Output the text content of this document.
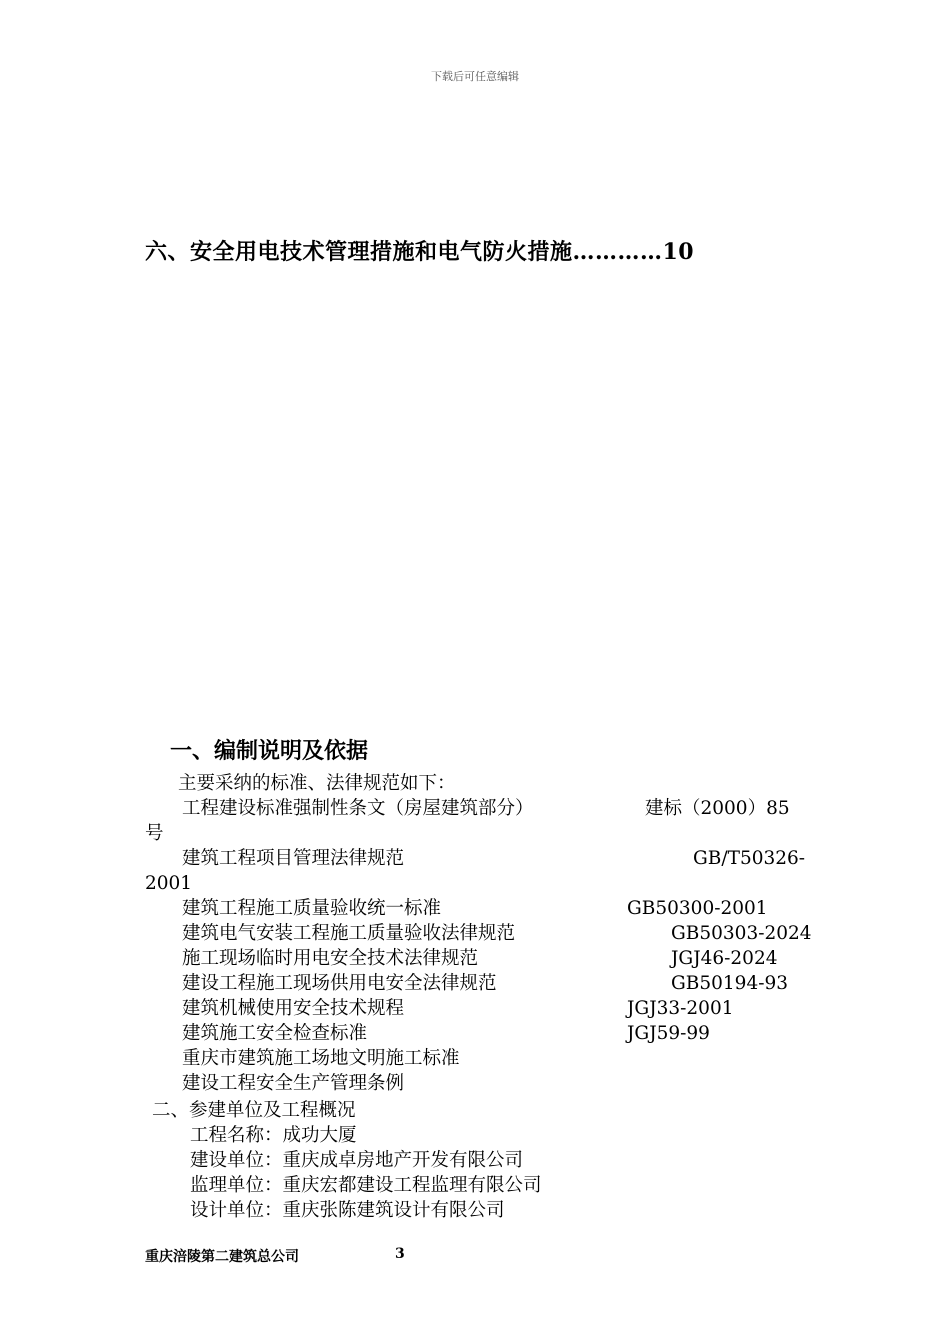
下载后可任意编辑
六、安全用电技术管理措施和电气防火措施…………10
一、编制说明及依据
主要采纳的标准、法律规范如下：
工程建设标准强制性条文（房屋建筑部分）	建标（2000）85
号
建筑工程项目管理法律规范	GB/T50326-
2001
建筑工程施工质量验收统一标准	GB50300-2001
建筑电气安装工程施工质量验收法律规范	GB50303-2024
施工现场临时用电安全技术法律规范	JGJ46-2024
建设工程施工现场供用电安全法律规范	GB50194-93
建筑机械使用安全技术规程	JGJ33-2001
建筑施工安全检查标准	JGJ59-99
重庆市建筑施工场地文明施工标准
建设工程安全生产管理条例
二、参建单位及工程概况
工程名称：成功大厦
建设单位：重庆成卓房地产开发有限公司
监理单位：重庆宏都建设工程监理有限公司
设计单位：重庆张陈建筑设计有限公司
重庆涪陵第二建筑总公司	3
